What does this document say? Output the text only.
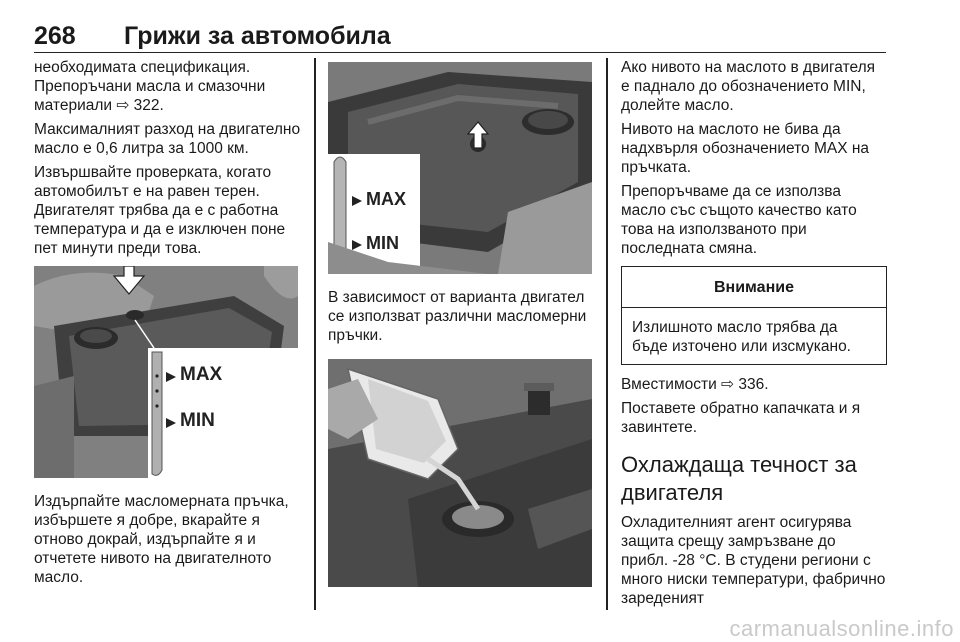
268 Грижи за автомобила

необходимата спецификация. Препоръчани масла и смазочни материали ⇨ 322.

Максималният разход на двигателно масло е 0,6 литра за 1000 км.

Извършвайте проверката, когато автомобилът е на равен терен. Двигателят трябва да е с работна температура и да е изключен поне пет минути преди това.

MAX
MIN

Издърпайте масломерната пръчка, избършете я добре, вкарайте я отново докрай, издърпайте я и отчетете нивото на двигателното масло.

MAX
MIN

В зависимост от варианта двигател се използват различни масломерни пръчки.

Ако нивото на маслото в двигателя е паднало до обозначението MIN, долейте масло.

Нивото на маслото не бива да надхвърля обозначението MAX на пръчката.

Препоръчваме да се използва масло със същото качество като това на използваното при последната смяна.

Внимание
Излишното масло трябва да бъде източено или изсмукано.

Вместимости ⇨ 336.

Поставете обратно капачката и я завинтете.

Охлаждаща течност за двигателя

Охладителният агент осигурява защита срещу замръзване до прибл. -28 °C. В студени региони с много ниски температури, фабрично зареденият

carmanualsonline.info
